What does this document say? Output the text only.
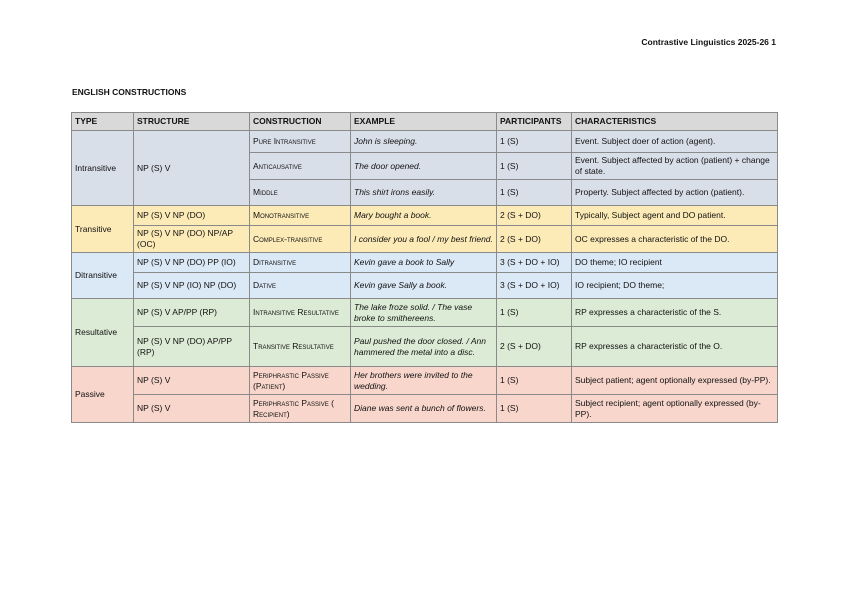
Contrastive Linguistics 2025-26 1
ENGLISH CONSTRUCTIONS
TYPE	STRUCTURE	CONSTRUCTION	EXAMPLE	PARTICIPANTS	CHARACTERISTICS
Intransitive	NP (S) V	Pure Intransitive	John is sleeping.	1 (S)	Event. Subject doer of action (agent).
		Anticausative	The door opened.	1 (S)	Event. Subject affected by action (patient) + change of state.
		Middle	This shirt irons easily.	1 (S)	Property. Subject affected by action (patient).
Transitive	NP (S) V NP (DO)	Monotransitive	Mary bought a book.	2 (S + DO)	Typically, Subject agent and DO patient.
	NP (S) V NP (DO) NP/AP (OC)	Complex-transitive	I consider you a fool / my best friend.	2 (S + DO)	OC expresses a characteristic of the DO.
Ditransitive	NP (S) V NP (DO) PP (IO)	Ditransitive	Kevin gave a book to Sally	3 (S + DO + IO)	DO theme; IO recipient
	NP (S) V NP (IO) NP (DO)	Dative	Kevin gave Sally a book.	3 (S + DO + IO)	IO recipient; DO theme;
Resultative	NP (S) V AP/PP (RP)	Intransitive Resultative	The lake froze solid. / The vase broke to smithereens.	1 (S)	RP expresses a characteristic of the S.
	NP (S) V NP (DO) AP/PP (RP)	Transitive Resultative	Paul pushed the door closed. / Ann hammered the metal into a disc.	2 (S + DO)	RP expresses a characteristic of the O.
Passive	NP (S) V	Periphrastic Passive (Patient)	Her brothers were invited to the wedding.	1 (S)	Subject patient; agent optionally expressed (by-PP).
	NP (S) V	Periphrastic Passive ( Recipient)	Diane was sent a bunch of flowers.	1 (S)	Subject recipient; agent optionally expressed (by-PP).
